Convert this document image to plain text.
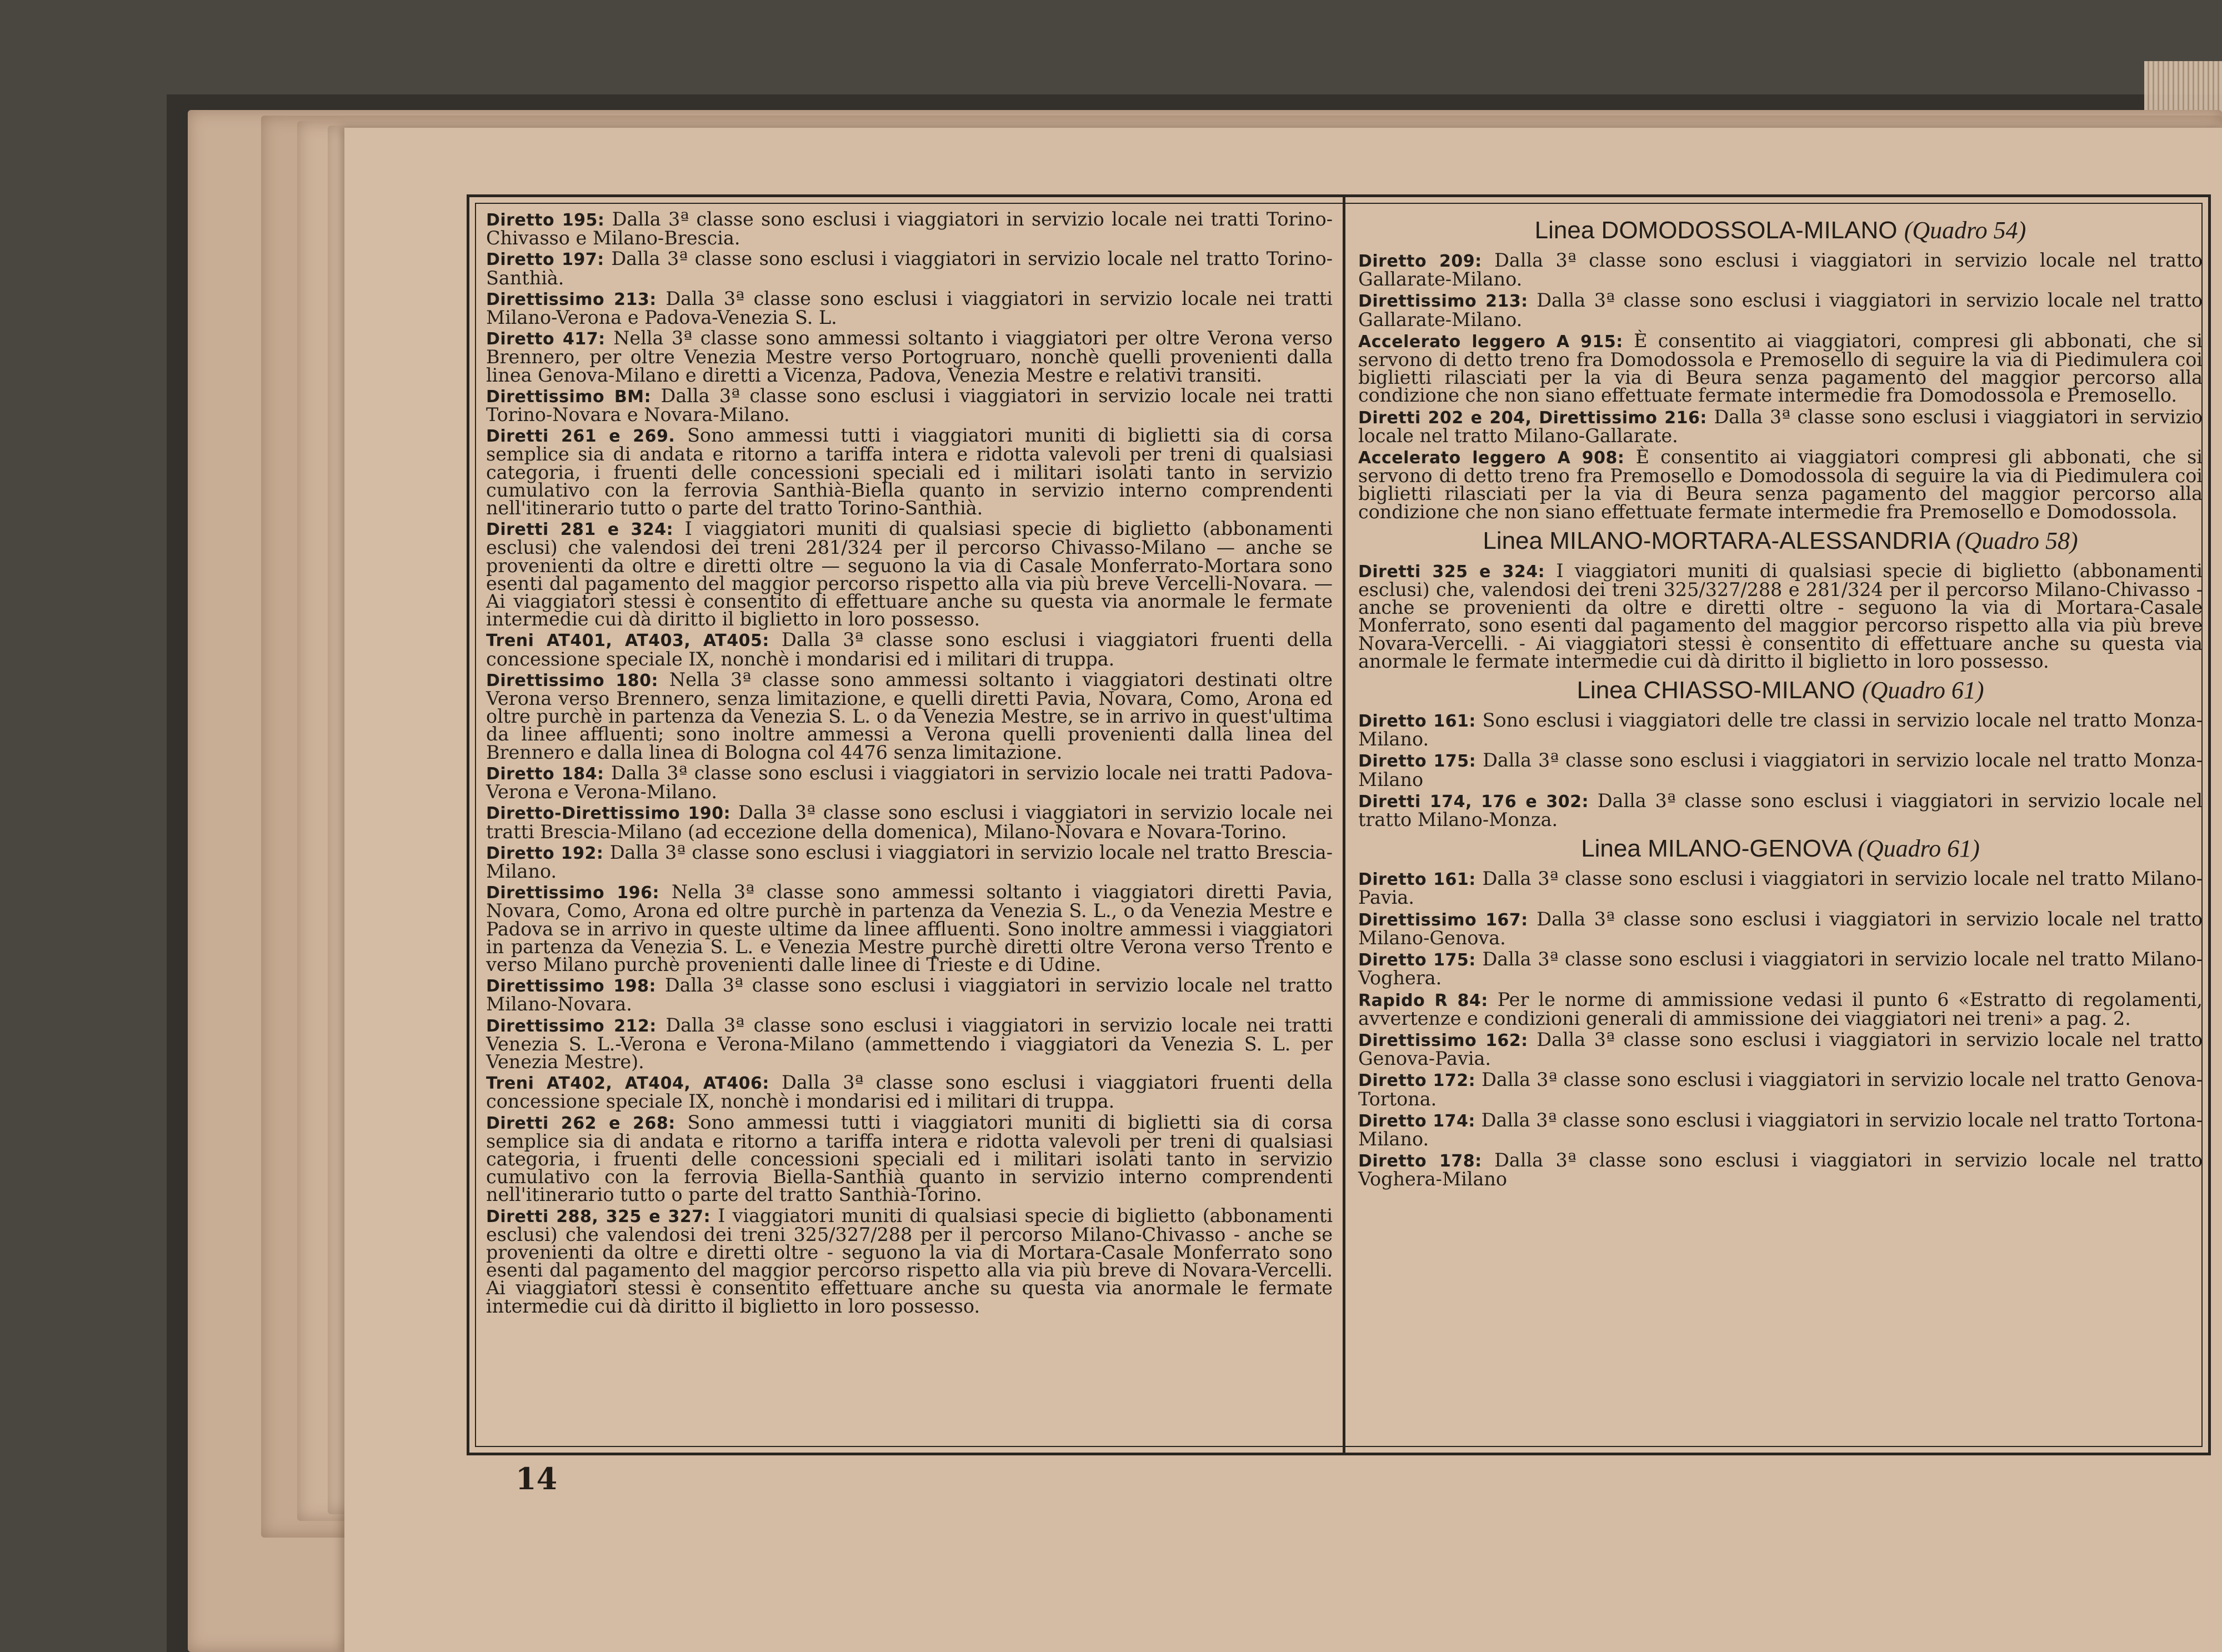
Diretto 195: Dalla 3ª classe sono esclusi i viaggiatori in servizio locale nei tratti Torino-Chivasso e Milano-Brescia.

Diretto 197: Dalla 3ª classe sono esclusi i viaggiatori in servizio locale nel tratto Torino-Santhià.

Direttissimo 213: Dalla 3ª classe sono esclusi i viaggiatori in servizio locale nei tratti Milano-Verona e Padova-Venezia S. L.

Diretto 417: Nella 3ª classe sono ammessi soltanto i viaggiatori per oltre Verona verso Brennero, per oltre Venezia Mestre verso Portogruaro, nonchè quelli provenienti dalla linea Genova-Milano e diretti a Vicenza, Padova, Venezia Mestre e relativi transiti.

Direttissimo BM: Dalla 3ª classe sono esclusi i viaggiatori in servizio locale nei tratti Torino-Novara e Novara-Milano.

Diretti 261 e 269. Sono ammessi tutti i viaggiatori muniti di biglietti sia di corsa semplice sia di andata e ritorno a tariffa intera e ridotta valevoli per treni di qualsiasi categoria, i fruenti delle concessioni speciali ed i militari isolati tanto in servizio cumulativo con la ferrovia Santhià-Biella quanto in servizio interno comprendenti nell'itinerario tutto o parte del tratto Torino-Santhià.

Diretti 281 e 324: I viaggiatori muniti di qualsiasi specie di biglietto (abbonamenti esclusi) che valendosi dei treni 281/324 per il percorso Chivasso-Milano — anche se provenienti da oltre e diretti oltre — seguono la via di Casale Monferrato-Mortara sono esenti dal pagamento del maggior percorso rispetto alla via più breve Vercelli-Novara. — Ai viaggiatori stessi è consentito di effettuare anche su questa via anormale le fermate intermedie cui dà diritto il biglietto in loro possesso.

Treni AT401, AT403, AT405: Dalla 3ª classe sono esclusi i viaggiatori fruenti della concessione speciale IX, nonchè i mondarisi ed i militari di truppa.

Direttissimo 180: Nella 3ª classe sono ammessi soltanto i viaggiatori destinati oltre Verona verso Brennero, senza limitazione, e quelli diretti Pavia, Novara, Como, Arona ed oltre purchè in partenza da Venezia S. L. o da Venezia Mestre, se in arrivo in quest'ultima da linee affluenti; sono inoltre ammessi a Verona quelli provenienti dalla linea del Brennero e dalla linea di Bologna col 4476 senza limitazione.

Diretto 184: Dalla 3ª classe sono esclusi i viaggiatori in servizio locale nei tratti Padova-Verona e Verona-Milano.

Diretto-Direttissimo 190: Dalla 3ª classe sono esclusi i viaggiatori in servizio locale nei tratti Brescia-Milano (ad eccezione della domenica), Milano-Novara e Novara-Torino.

Diretto 192: Dalla 3ª classe sono esclusi i viaggiatori in servizio locale nel tratto Brescia-Milano.

Direttissimo 196: Nella 3ª classe sono ammessi soltanto i viaggiatori diretti Pavia, Novara, Como, Arona ed oltre purchè in partenza da Venezia S. L., o da Venezia Mestre e Padova se in arrivo in queste ultime da linee affluenti. Sono inoltre ammessi i viaggiatori in partenza da Venezia S. L. e Venezia Mestre purchè diretti oltre Verona verso Trento e verso Milano purchè provenienti dalle linee di Trieste e di Udine.

Direttissimo 198: Dalla 3ª classe sono esclusi i viaggiatori in servizio locale nel tratto Milano-Novara.

Direttissimo 212: Dalla 3ª classe sono esclusi i viaggiatori in servizio locale nei tratti Venezia S. L.-Verona e Verona-Milano (ammettendo i viaggiatori da Venezia S. L. per Venezia Mestre).

Treni AT402, AT404, AT406: Dalla 3ª classe sono esclusi i viaggiatori fruenti della concessione speciale IX, nonchè i mondarisi ed i militari di truppa.

Diretti 262 e 268: Sono ammessi tutti i viaggiatori muniti di biglietti sia di corsa semplice sia di andata e ritorno a tariffa intera e ridotta valevoli per treni di qualsiasi categoria, i fruenti delle concessioni speciali ed i militari isolati tanto in servizio cumulativo con la ferrovia Biella-Santhià quanto in servizio interno comprendenti nell'itinerario tutto o parte del tratto Santhià-Torino.

Diretti 288, 325 e 327: I viaggiatori muniti di qualsiasi specie di biglietto (abbonamenti esclusi) che valendosi dei treni 325/327/288 per il percorso Milano-Chivasso - anche se provenienti da oltre e diretti oltre - seguono la via di Mortara-Casale Monferrato sono esenti dal pagamento del maggior percorso rispetto alla via più breve di Novara-Vercelli. Ai viaggiatori stessi è consentito effettuare anche su questa via anormale le fermate intermedie cui dà diritto il biglietto in loro possesso.

Linea DOMODOSSOLA-MILANO (Quadro 54)

Diretto 209: Dalla 3ª classe sono esclusi i viaggiatori in servizio locale nel tratto Gallarate-Milano.

Direttissimo 213: Dalla 3ª classe sono esclusi i viaggiatori in servizio locale nel tratto Gallarate-Milano.

Accelerato leggero A 915: È consentito ai viaggiatori, compresi gli abbonati, che si servono di detto treno fra Domodossola e Premosello di seguire la via di Piedimulera coi biglietti rilasciati per la via di Beura senza pagamento del maggior percorso alla condizione che non siano effettuate fermate intermedie fra Domodossola e Premosello.

Diretti 202 e 204, Direttissimo 216: Dalla 3ª classe sono esclusi i viaggiatori in servizio locale nel tratto Milano-Gallarate.

Accelerato leggero A 908: È consentito ai viaggiatori compresi gli abbonati, che si servono di detto treno fra Premosello e Domodossola di seguire la via di Piedimulera coi biglietti rilasciati per la via di Beura senza pagamento del maggior percorso alla condizione che non siano effettuate fermate intermedie fra Premosello e Domodossola.

Linea MILANO-MORTARA-ALESSANDRIA (Quadro 58)

Diretti 325 e 324: I viaggiatori muniti di qualsiasi specie di biglietto (abbonamenti esclusi) che, valendosi dei treni 325/327/288 e 281/324 per il percorso Milano-Chivasso - anche se provenienti da oltre e diretti oltre - seguono la via di Mortara-Casale Monferrato, sono esenti dal pagamento del maggior percorso rispetto alla via più breve Novara-Vercelli. - Ai viaggiatori stessi è consentito di effettuare anche su questa via anormale le fermate intermedie cui dà diritto il biglietto in loro possesso.

Linea CHIASSO-MILANO (Quadro 61)

Diretto 161: Sono esclusi i viaggiatori delle tre classi in servizio locale nel tratto Monza-Milano.

Diretto 175: Dalla 3ª classe sono esclusi i viaggiatori in servizio locale nel tratto Monza-Milano

Diretti 174, 176 e 302: Dalla 3ª classe sono esclusi i viaggiatori in servizio locale nel tratto Milano-Monza.

Linea MILANO-GENOVA (Quadro 61)

Diretto 161: Dalla 3ª classe sono esclusi i viaggiatori in servizio locale nel tratto Milano-Pavia.

Direttissimo 167: Dalla 3ª classe sono esclusi i viaggiatori in servizio locale nel tratto Milano-Genova.

Diretto 175: Dalla 3ª classe sono esclusi i viaggiatori in servizio locale nel tratto Milano-Voghera.

Rapido R 84: Per le norme di ammissione vedasi il punto 6 «Estratto di regolamenti, avvertenze e condizioni generali di ammissione dei viaggiatori nei treni» a pag. 2.

Direttissimo 162: Dalla 3ª classe sono esclusi i viaggiatori in servizio locale nel tratto Genova-Pavia.

Diretto 172: Dalla 3ª classe sono esclusi i viaggiatori in servizio locale nel tratto Genova-Tortona.

Diretto 174: Dalla 3ª classe sono esclusi i viaggiatori in servizio locale nel tratto Tortona-Milano.

Diretto 178: Dalla 3ª classe sono esclusi i viaggiatori in servizio locale nel tratto Voghera-Milano

14
